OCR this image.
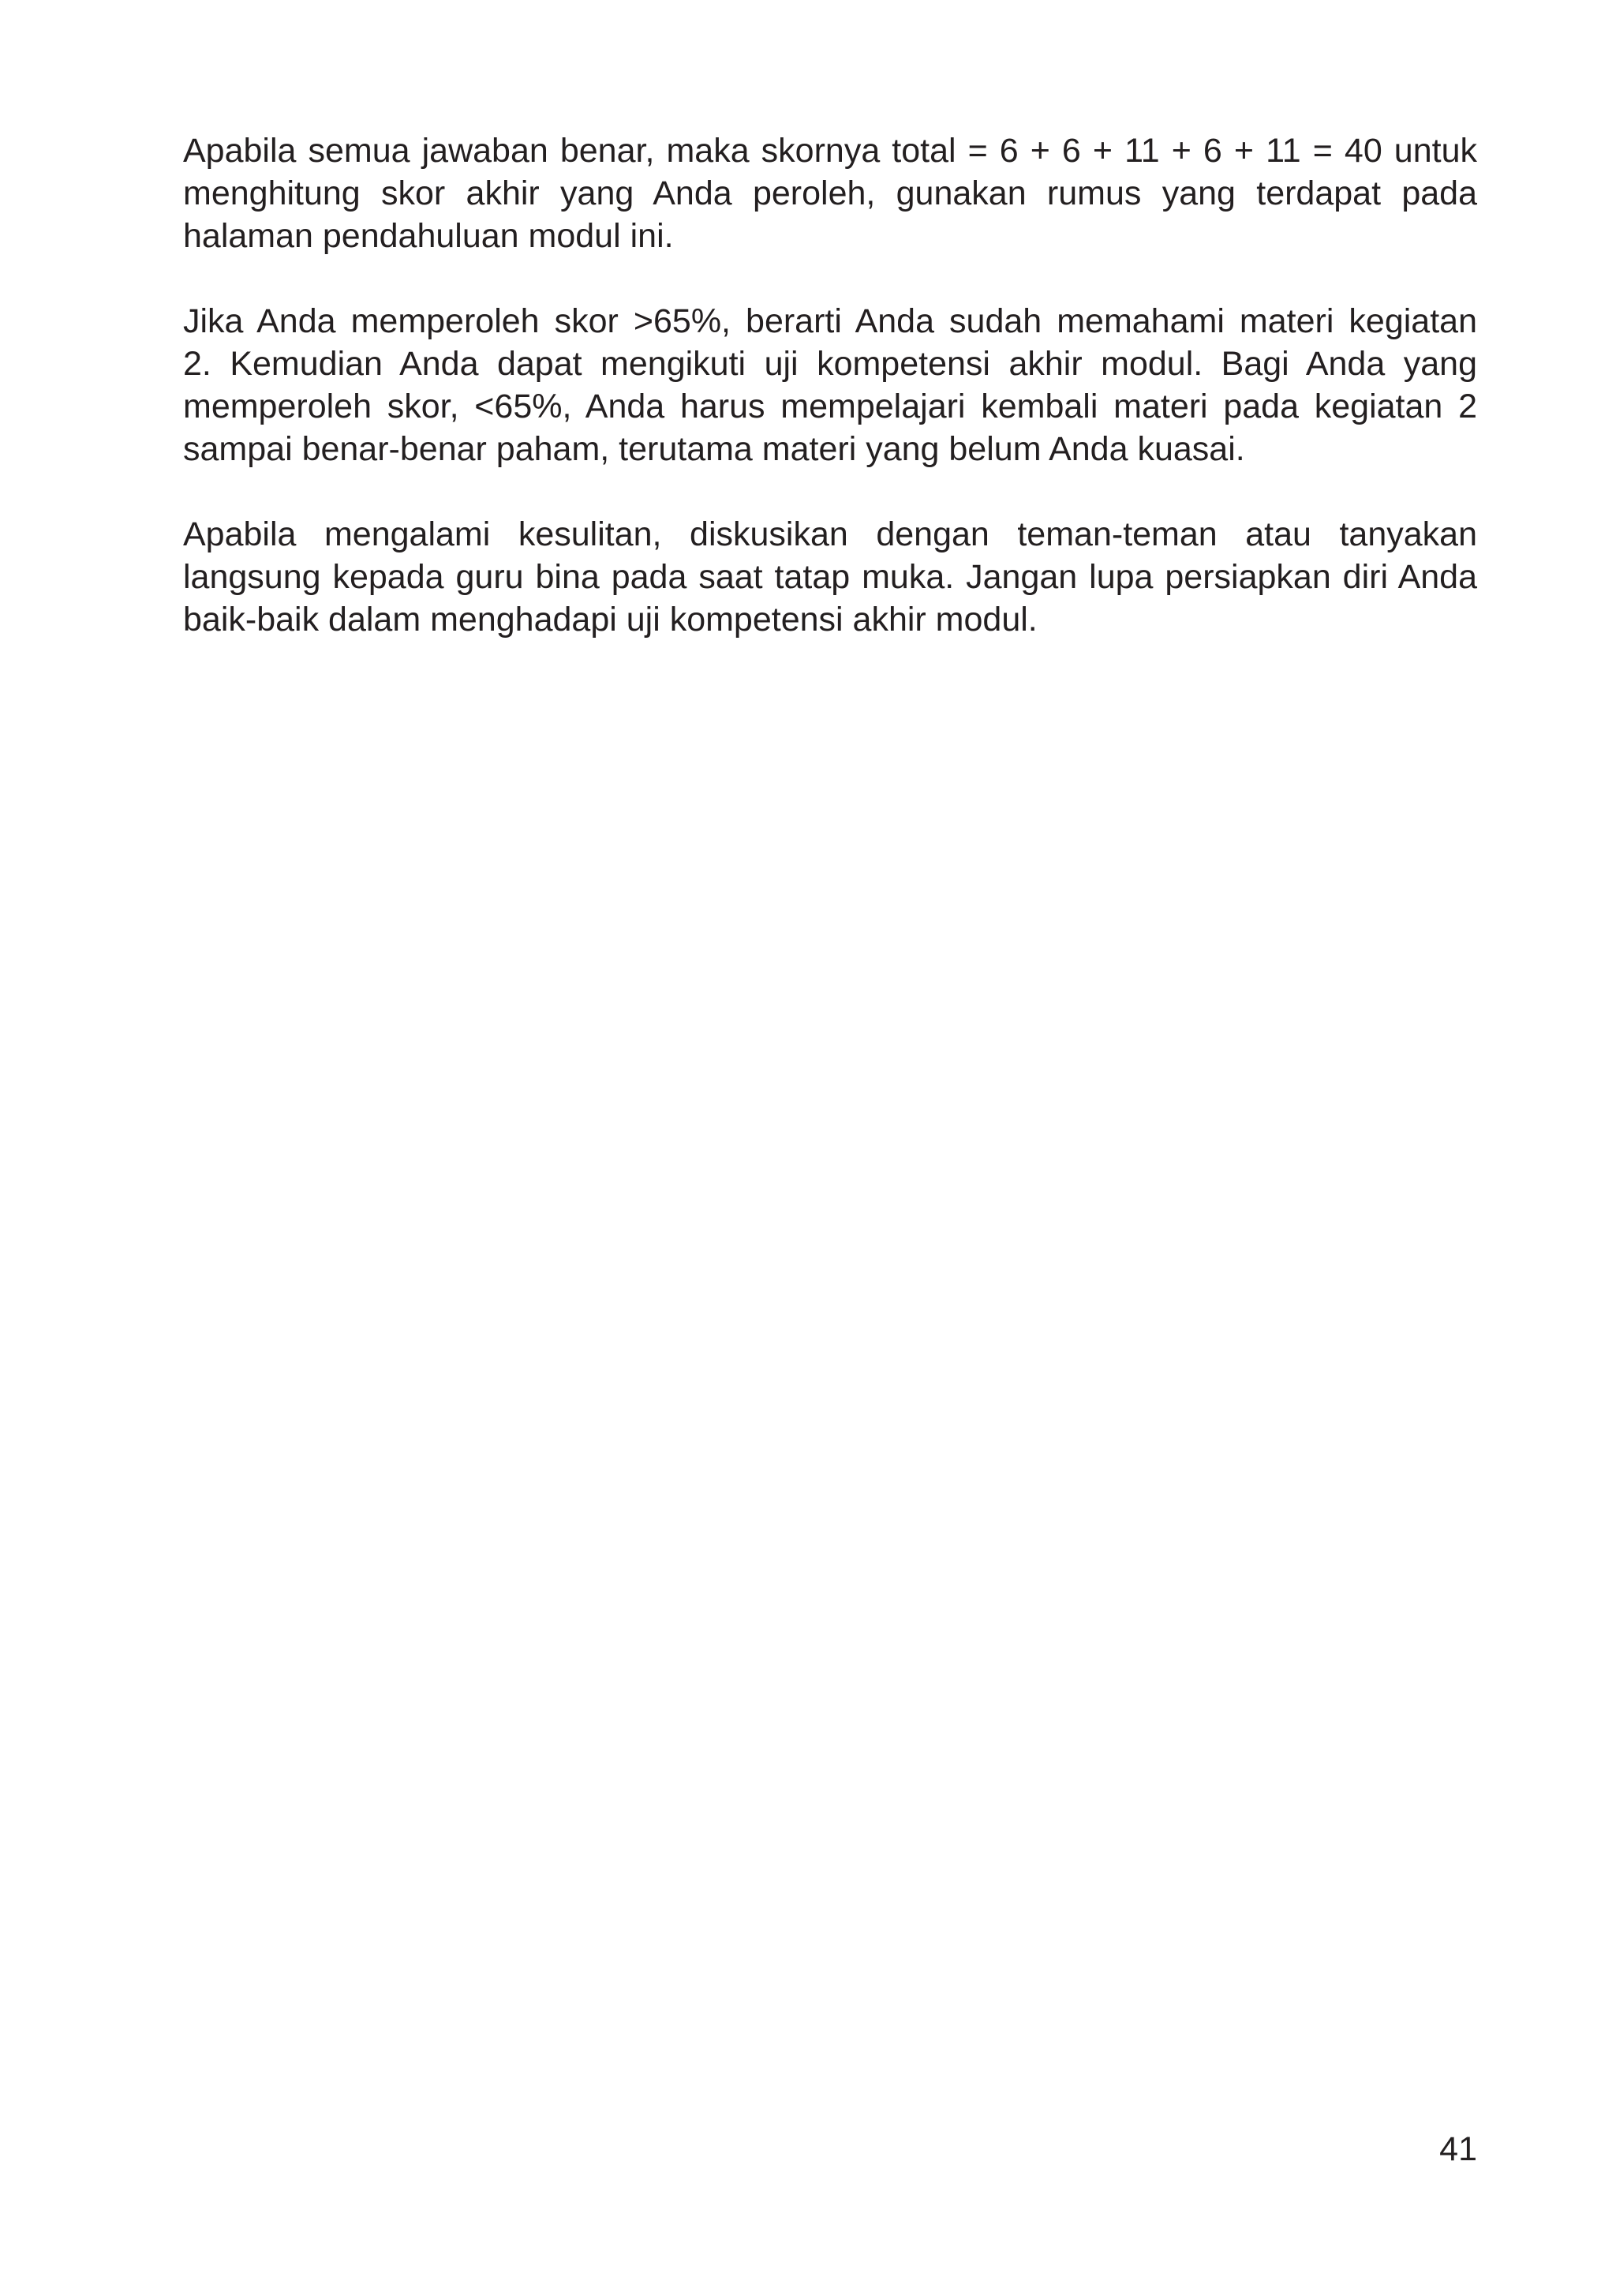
Apabila semua jawaban benar, maka skornya total = 6 + 6 + 11 + 6 + 11 = 40 untuk
menghitung skor akhir yang Anda peroleh, gunakan rumus yang terdapat pada
halaman pendahuluan modul ini.

Jika Anda memperoleh skor >65%, berarti Anda sudah memahami materi kegiatan
2. Kemudian Anda dapat mengikuti uji kompetensi akhir modul. Bagi Anda yang
memperoleh skor, <65%, Anda harus mempelajari kembali materi pada kegiatan 2
sampai benar-benar paham, terutama materi yang belum Anda kuasai.

Apabila mengalami kesulitan, diskusikan dengan teman-teman atau tanyakan
langsung kepada guru bina pada saat tatap muka. Jangan lupa persiapkan diri Anda
baik-baik dalam menghadapi uji kompetensi akhir modul.

41
